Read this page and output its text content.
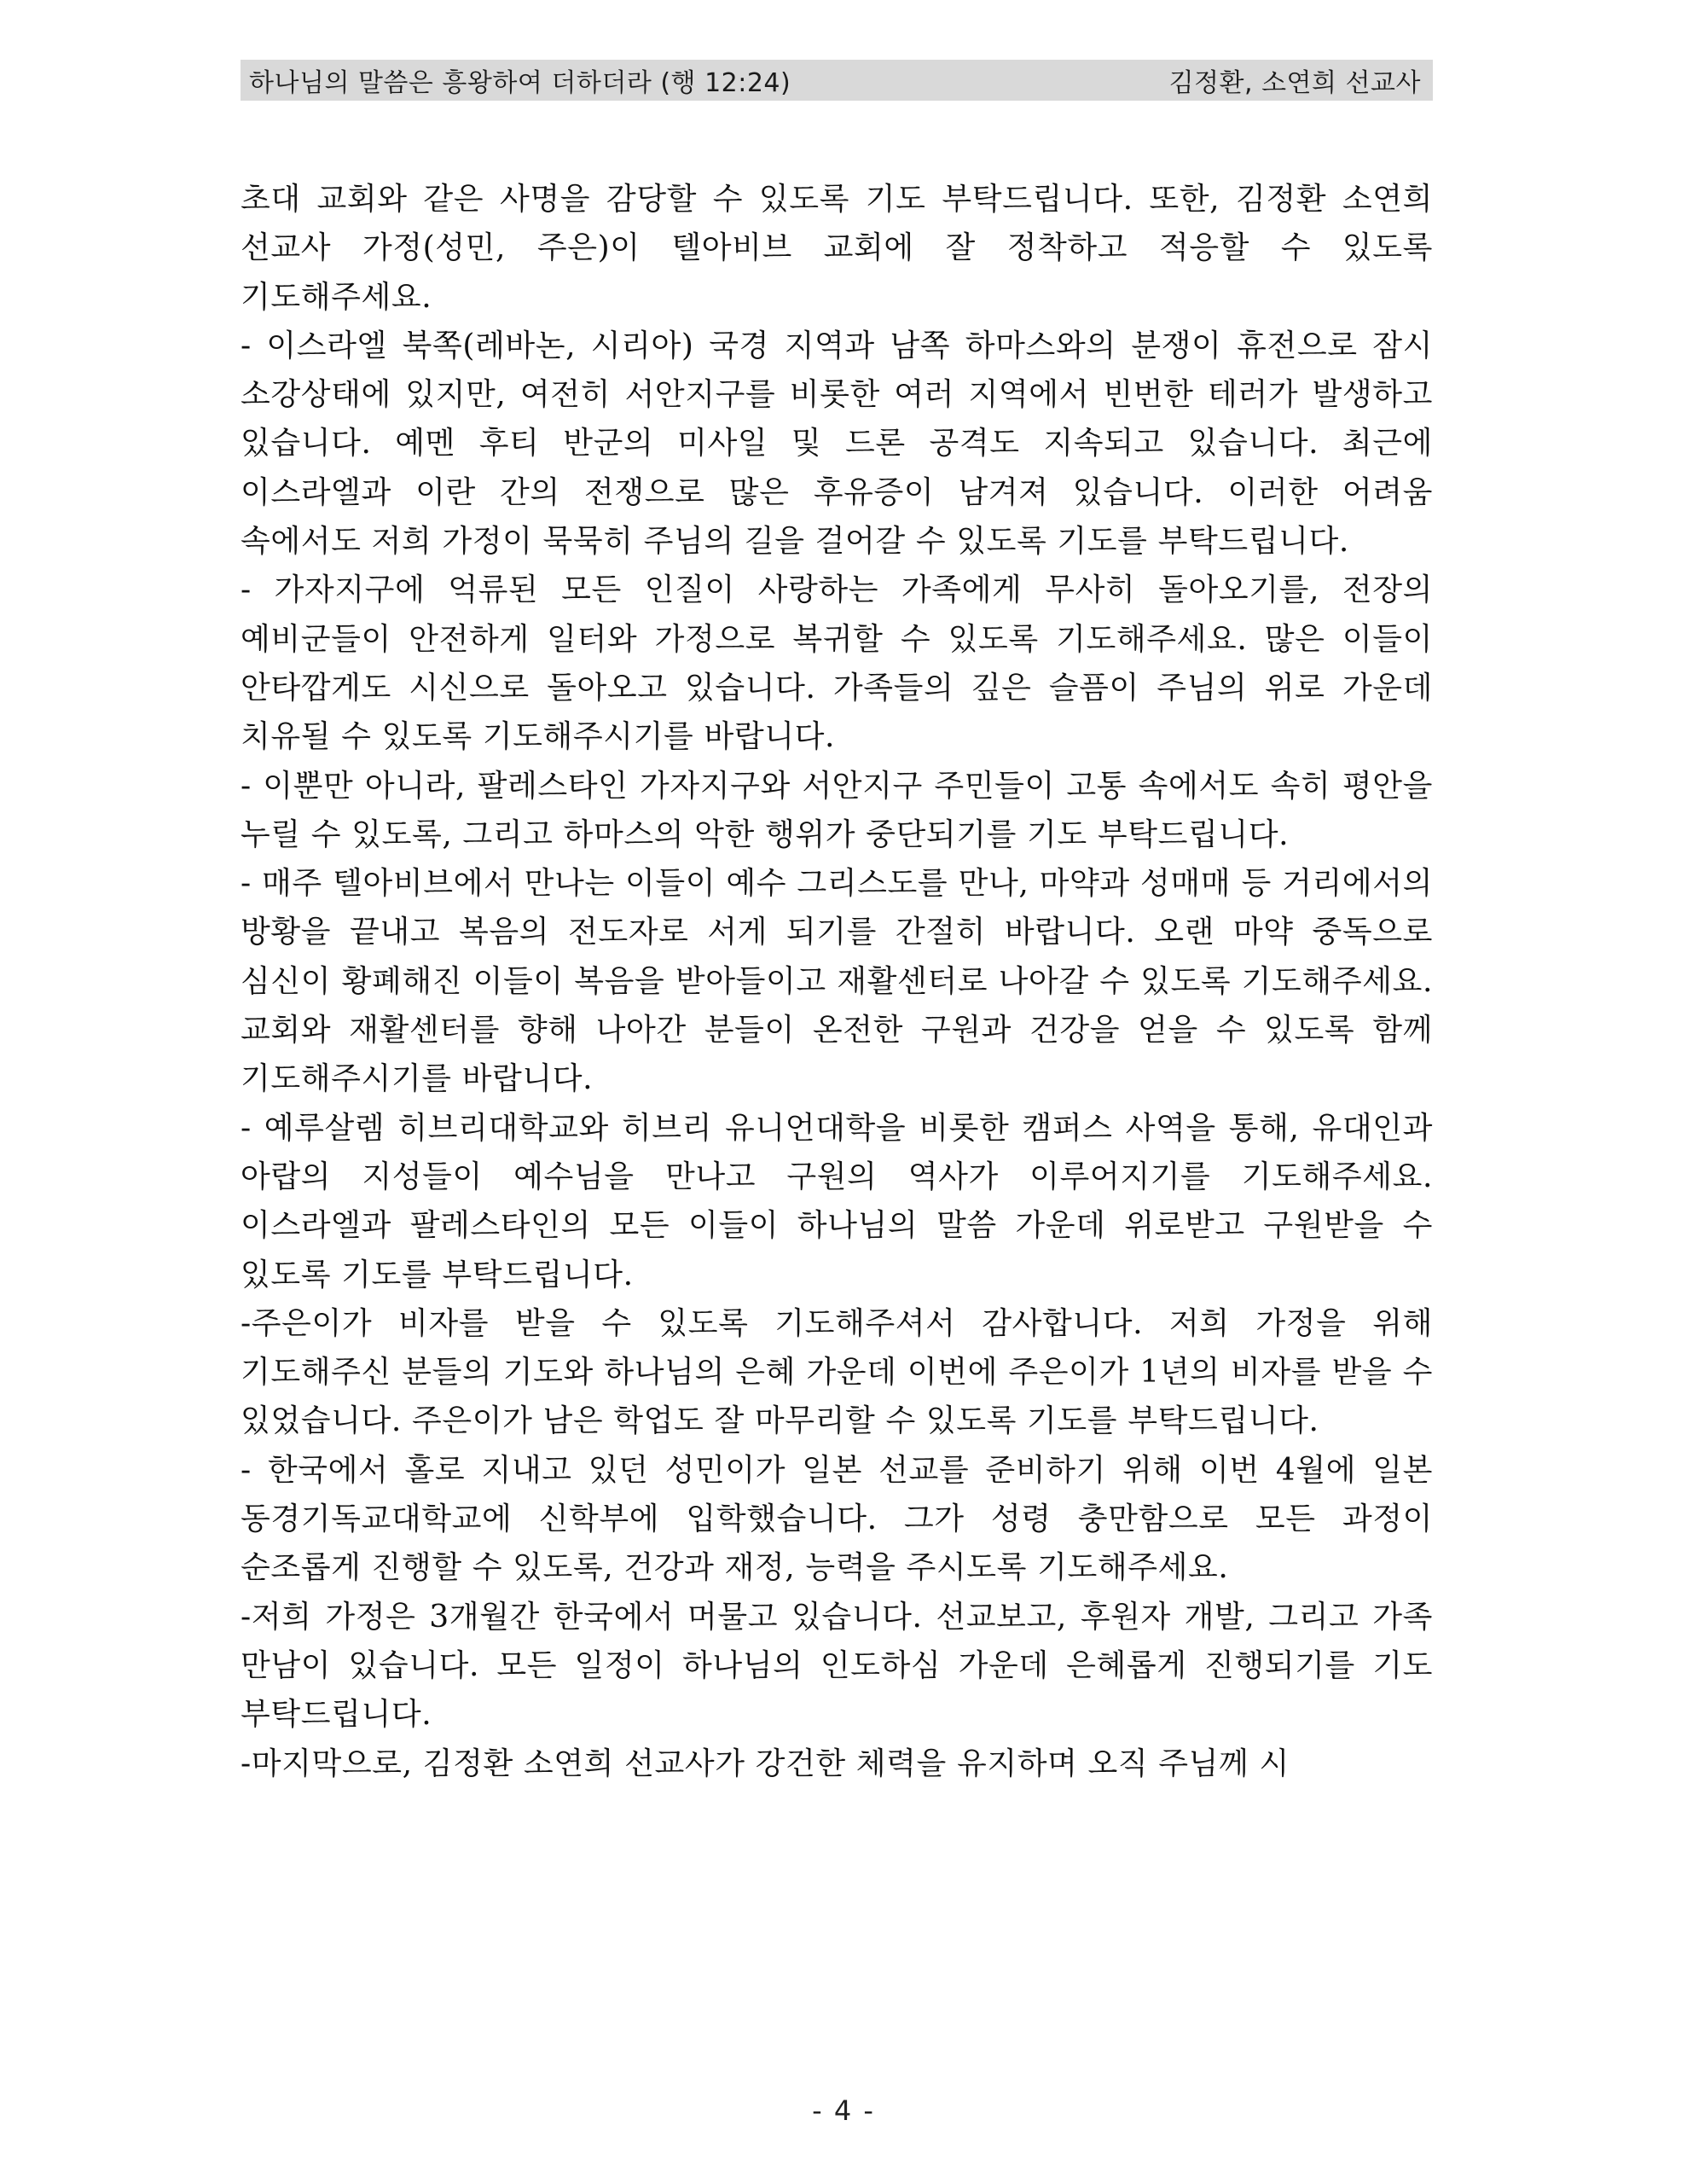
하나님의 말씀은 흥왕하여 더하더라 (행 12:24)	김정환, 소연희 선교사

초대 교회와 같은 사명을 감당할 수 있도록 기도 부탁드립니다. 또한, 김정환 소연희 선교사 가정(성민, 주은)이 텔아비브 교회에 잘 정착하고 적응할 수 있도록 기도해주세요.

- 이스라엘 북쪽(레바논, 시리아) 국경 지역과 남쪽 하마스와의 분쟁이 휴전으로 잠시 소강상태에 있지만, 여전히 서안지구를 비롯한 여러 지역에서 빈번한 테러가 발생하고 있습니다. 예멘 후티 반군의 미사일 및 드론 공격도 지속되고 있습니다. 최근에 이스라엘과 이란 간의 전쟁으로 많은 후유증이 남겨져 있습니다. 이러한 어려움 속에서도 저희 가정이 묵묵히 주님의 길을 걸어갈 수 있도록 기도를 부탁드립니다.

- 가자지구에 억류된 모든 인질이 사랑하는 가족에게 무사히 돌아오기를, 전장의 예비군들이 안전하게 일터와 가정으로 복귀할 수 있도록 기도해주세요. 많은 이들이 안타깝게도 시신으로 돌아오고 있습니다. 가족들의 깊은 슬픔이 주님의 위로 가운데 치유될 수 있도록 기도해주시기를 바랍니다.

- 이뿐만 아니라, 팔레스타인 가자지구와 서안지구 주민들이 고통 속에서도 속히 평안을 누릴 수 있도록, 그리고 하마스의 악한 행위가 중단되기를 기도 부탁드립니다.

- 매주 텔아비브에서 만나는 이들이 예수 그리스도를 만나, 마약과 성매매 등 거리에서의 방황을 끝내고 복음의 전도자로 서게 되기를 간절히 바랍니다. 오랜 마약 중독으로 심신이 황폐해진 이들이 복음을 받아들이고 재활센터로 나아갈 수 있도록 기도해주세요. 교회와 재활센터를 향해 나아간 분들이 온전한 구원과 건강을 얻을 수 있도록 함께 기도해주시기를 바랍니다.

- 예루살렘 히브리대학교와 히브리 유니언대학을 비롯한 캠퍼스 사역을 통해, 유대인과 아랍의 지성들이 예수님을 만나고 구원의 역사가 이루어지기를 기도해주세요. 이스라엘과 팔레스타인의 모든 이들이 하나님의 말씀 가운데 위로받고 구원받을 수 있도록 기도를 부탁드립니다.

-주은이가 비자를 받을 수 있도록 기도해주셔서 감사합니다. 저희 가정을 위해 기도해주신 분들의 기도와 하나님의 은혜 가운데 이번에 주은이가 1년의 비자를 받을 수 있었습니다. 주은이가 남은 학업도 잘 마무리할 수 있도록 기도를 부탁드립니다.

- 한국에서 홀로 지내고 있던 성민이가 일본 선교를 준비하기 위해 이번 4월에 일본 동경기독교대학교에 신학부에 입학했습니다. 그가 성령 충만함으로 모든 과정이 순조롭게 진행할 수 있도록, 건강과 재정, 능력을 주시도록 기도해주세요.

-저희 가정은 3개월간 한국에서 머물고 있습니다. 선교보고, 후원자 개발, 그리고 가족 만남이 있습니다. 모든 일정이 하나님의 인도하심 가운데 은혜롭게 진행되기를 기도 부탁드립니다.

-마지막으로, 김정환 소연희 선교사가 강건한 체력을 유지하며 오직 주님께 시

- 4 -
